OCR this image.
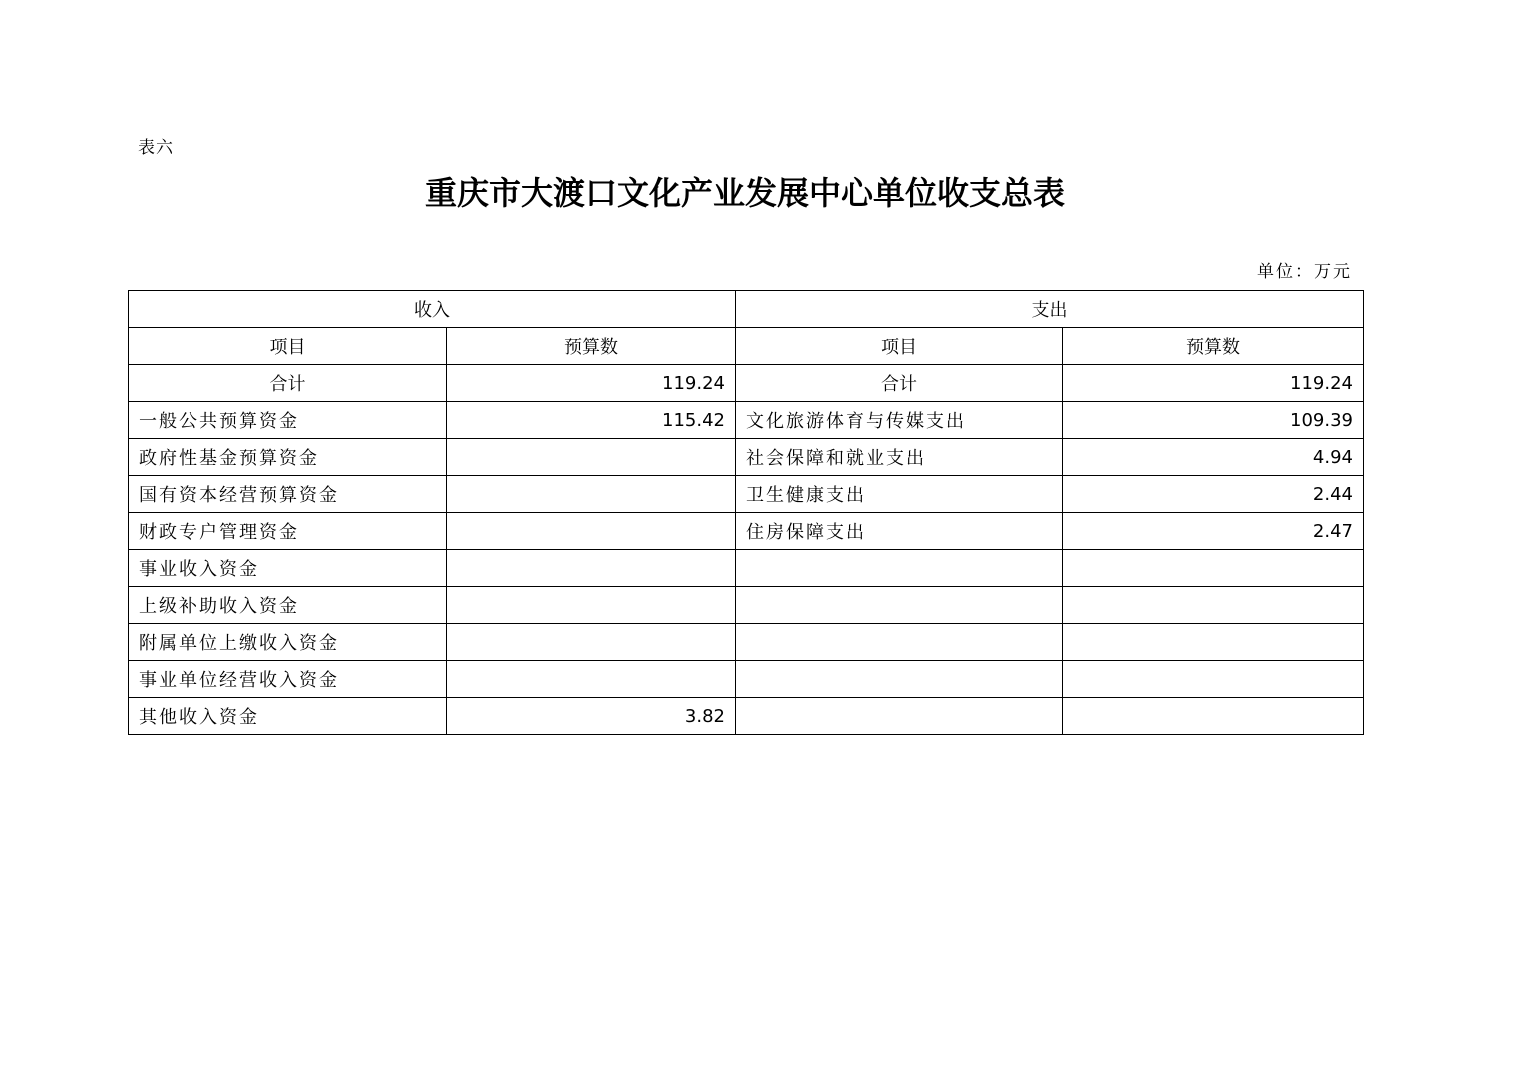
表六
重庆市大渡口文化产业发展中心单位收支总表
单位：万元
收入		支出	
项目	预算数	项目	预算数
合计	119.24	合计	119.24
一般公共预算资金	115.42	文化旅游体育与传媒支出	109.39
政府性基金预算资金		社会保障和就业支出	4.94
国有资本经营预算资金		卫生健康支出	2.44
财政专户管理资金		住房保障支出	2.47
事业收入资金			
上级补助收入资金			
附属单位上缴收入资金			
事业单位经营收入资金			
其他收入资金	3.82		
